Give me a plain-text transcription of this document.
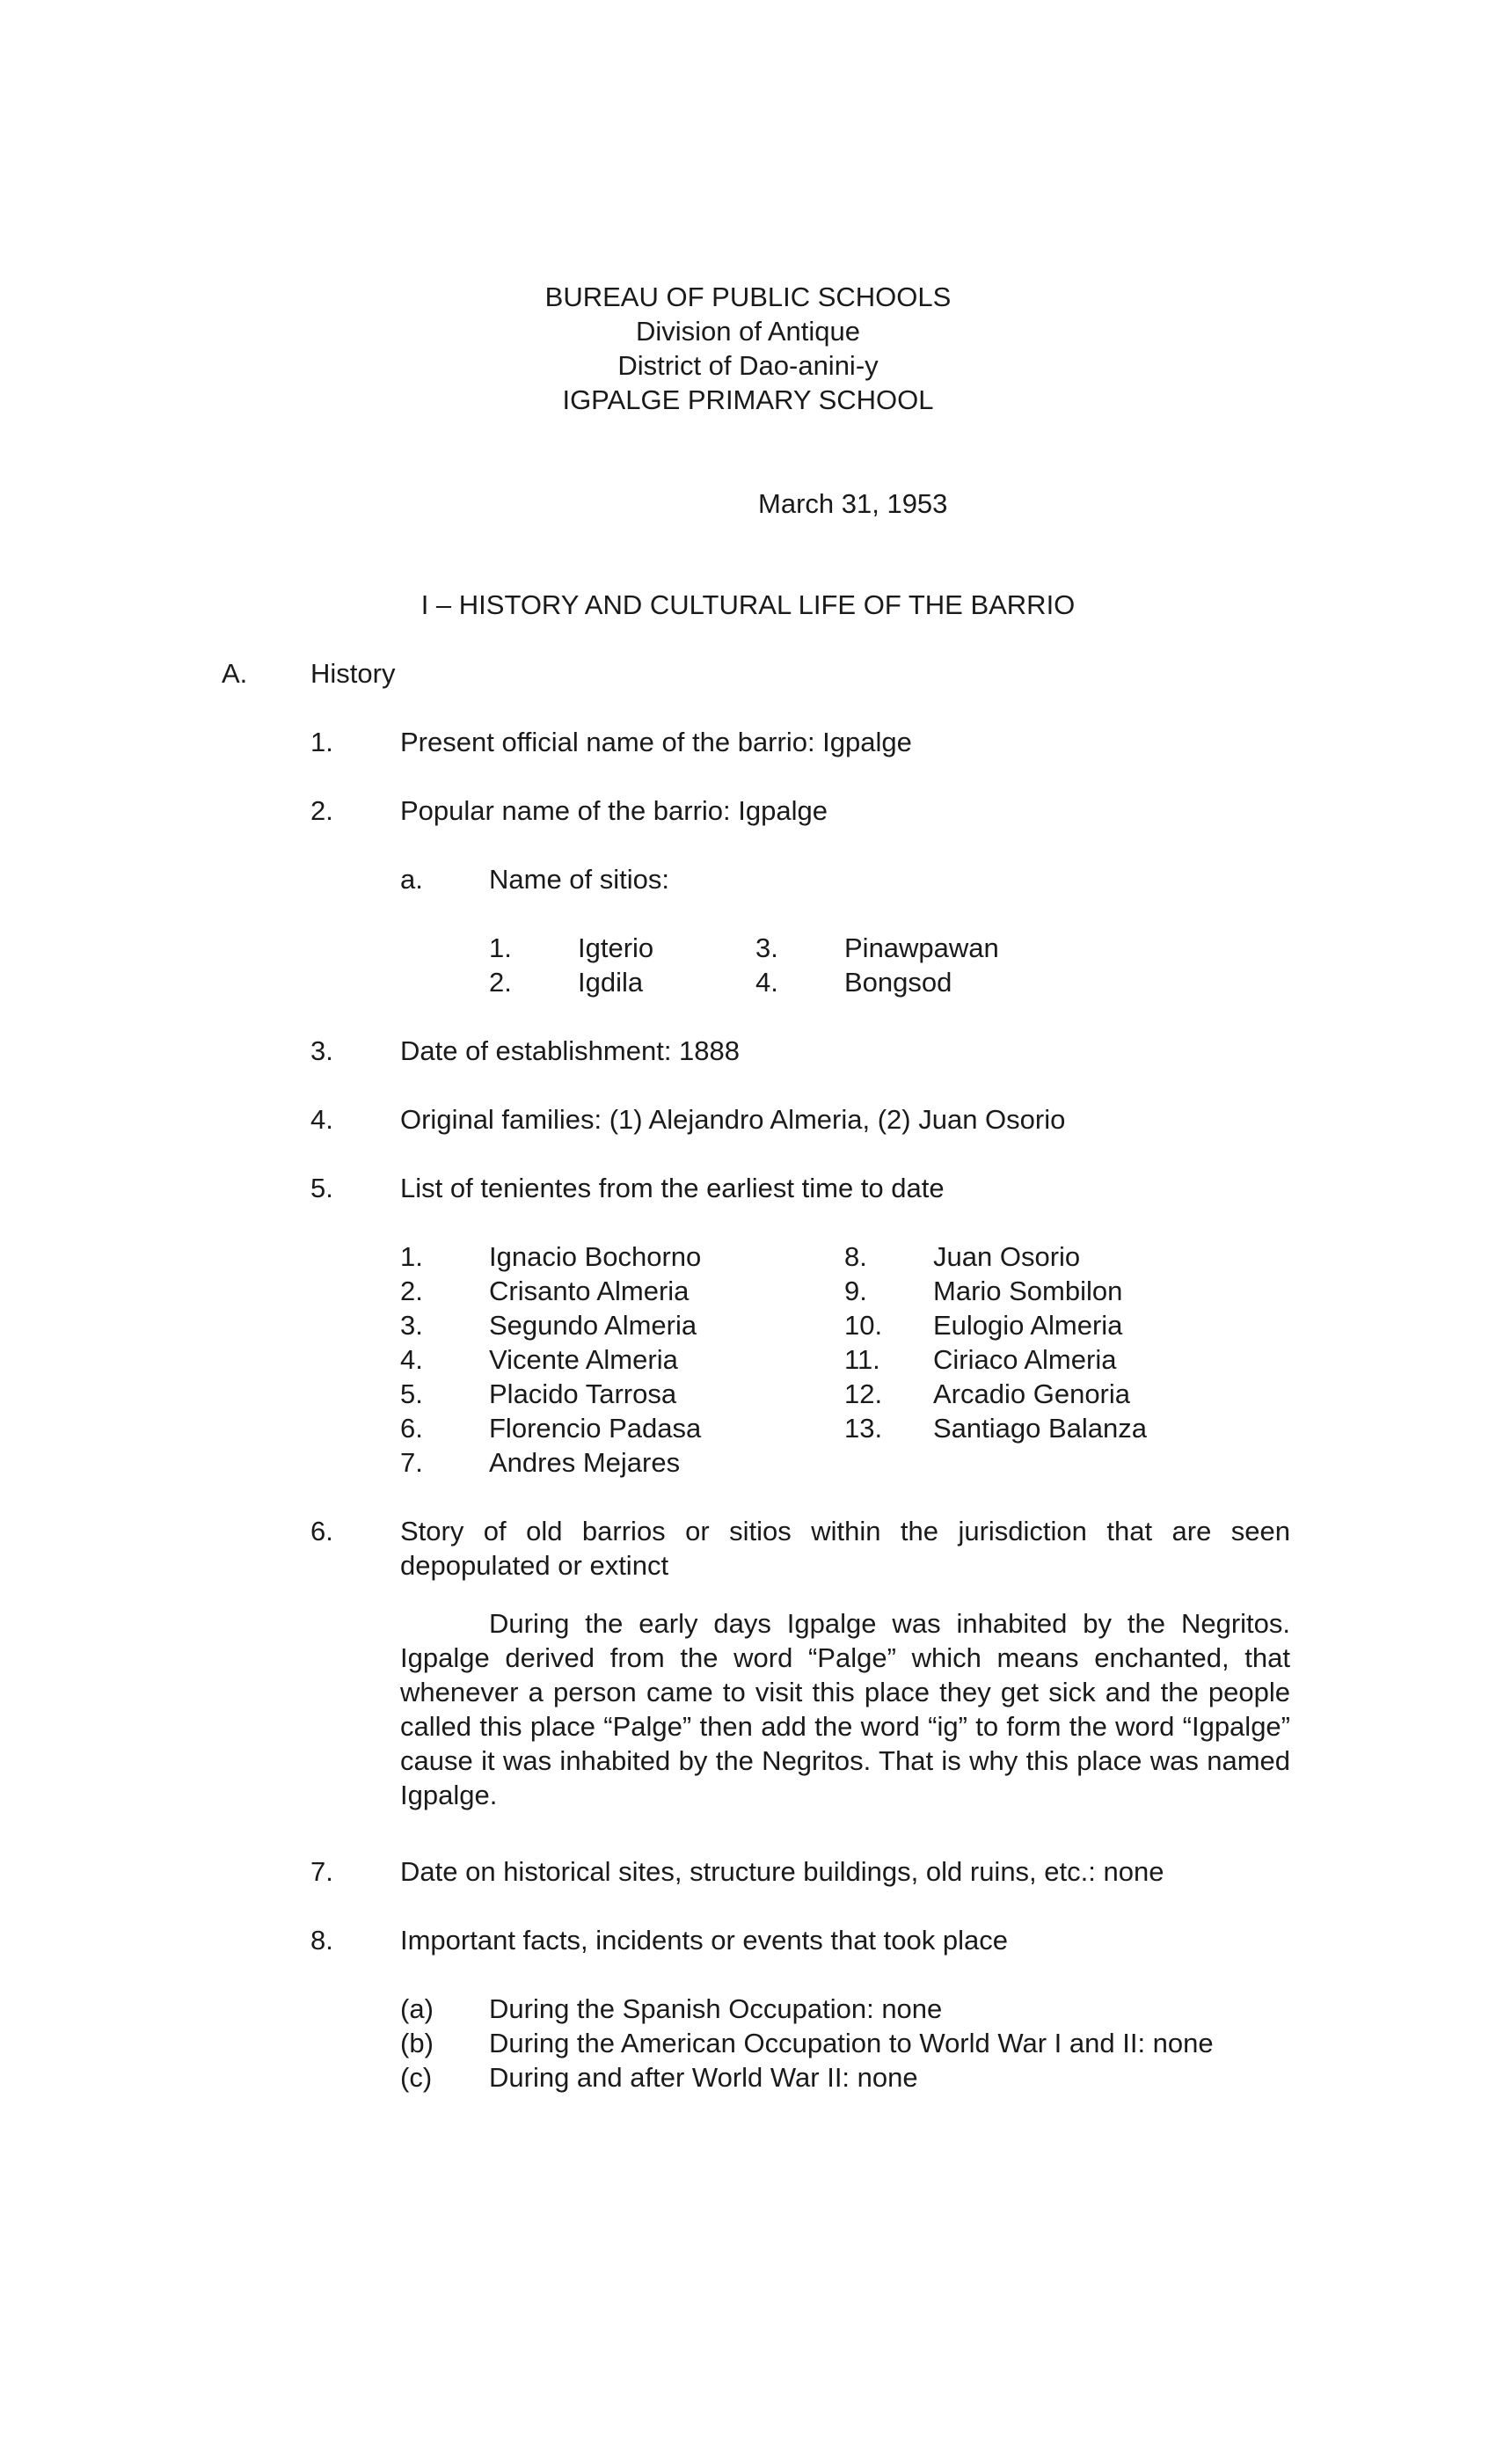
BUREAU OF PUBLIC SCHOOLS
Division of Antique
District of Dao-anini-y
IGPALGE PRIMARY SCHOOL
March 31, 1953
I – HISTORY AND CULTURAL LIFE OF THE BARRIO
A. History
1. Present official name of the barrio: Igpalge
2. Popular name of the barrio: Igpalge
a. Name of sitios:
1. Igterio
2. Igdila
3. Pinawpawan
4. Bongsod
3. Date of establishment: 1888
4. Original families: (1) Alejandro Almeria, (2) Juan Osorio
5. List of tenientes from the earliest time to date
1. Ignacio Bochorno
2. Crisanto Almeria
3. Segundo Almeria
4. Vicente Almeria
5. Placido Tarrosa
6. Florencio Padasa
7. Andres Mejares
8. Juan Osorio
9. Mario Sombilon
10. Eulogio Almeria
11. Ciriaco Almeria
12. Arcadio Genoria
13. Santiago Balanza
6. Story of old barrios or sitios within the jurisdiction that are seen depopulated or extinct
During the early days Igpalge was inhabited by the Negritos. Igpalge derived from the word “Palge” which means enchanted, that whenever a person came to visit this place they get sick and the people called this place “Palge” then add the word “ig” to form the word “Igpalge” cause it was inhabited by the Negritos. That is why this place was named Igpalge.
7. Date on historical sites, structure buildings, old ruins, etc.: none
8. Important facts, incidents or events that took place
(a) During the Spanish Occupation: none
(b) During the American Occupation to World War I and II: none
(c) During and after World War II: none
